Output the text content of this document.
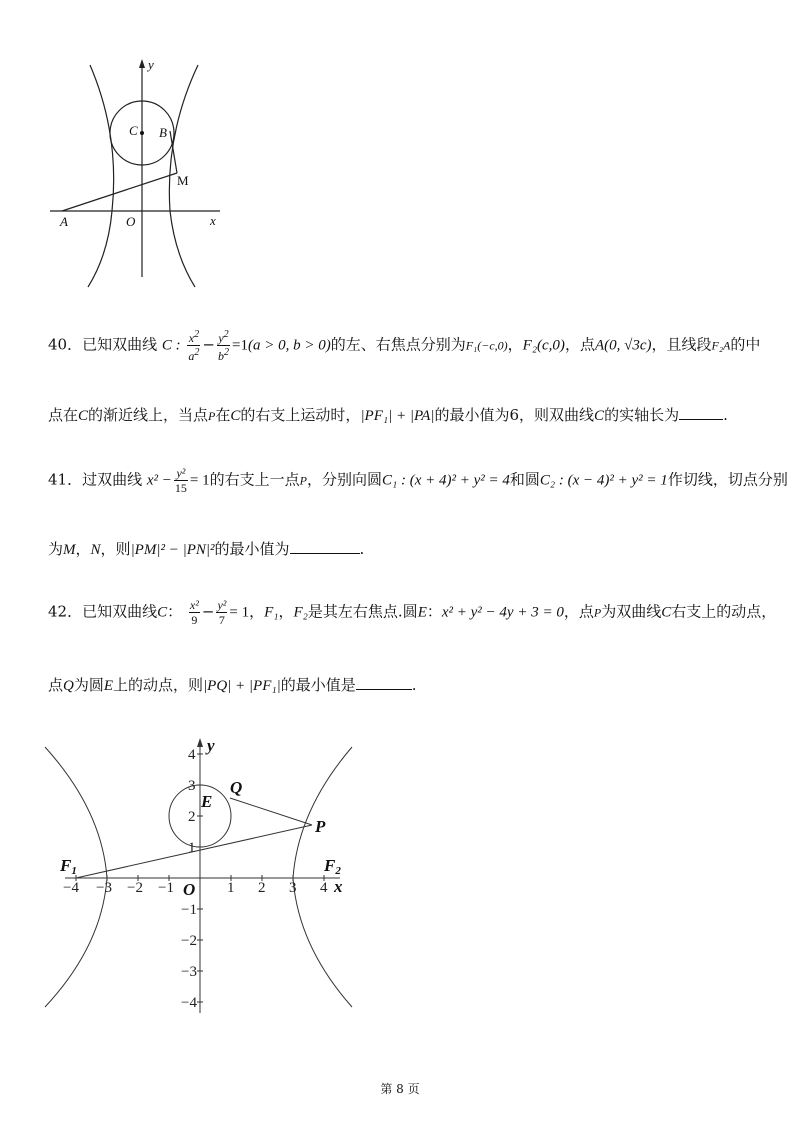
y
x
C B
M
A	O
40．已知双曲线 C : $\frac{x^2}{a^2} - \frac{y^2}{b^2} =1(a > 0$, b > 0)的左、右焦点分别为F₁(−c,0)，F₂(c,0)，点A(0, √3c)，且线段F₂A的中
点在C的渐近线上，当点P在C的右支上运动时，|PF₁| + |PA|的最小值为6，则双曲线C的实轴长为	.
41．过双曲线 $x^2 - \frac{\text{y²}}{15} = 1$的右支上一点P，分别向圆C₁ : (x + 4)² + y² = 4和圆C₂ : (x − 4)² + y² = 1作切线，切点分别
为M，N，则|PM|² − |PN|²的最小值为	.
42．已知双曲线C： $\frac{\text{x²}}{9} - \frac{\text{y²}}{7} = 1$，F₁，F₂是其左右焦点.圆E：x² + y² − 4y + 3 = 0，点P为双曲线C右支上的动点，
点Q为圆E上的动点，则|PQ| + |PF₁|的最小值是	.
−4 −3 −2 −1	1 2 3 4
4
3
2
1
−1
−2
−3
−4
y
x
O
E
Q
P
F1	F2
第 8 页
